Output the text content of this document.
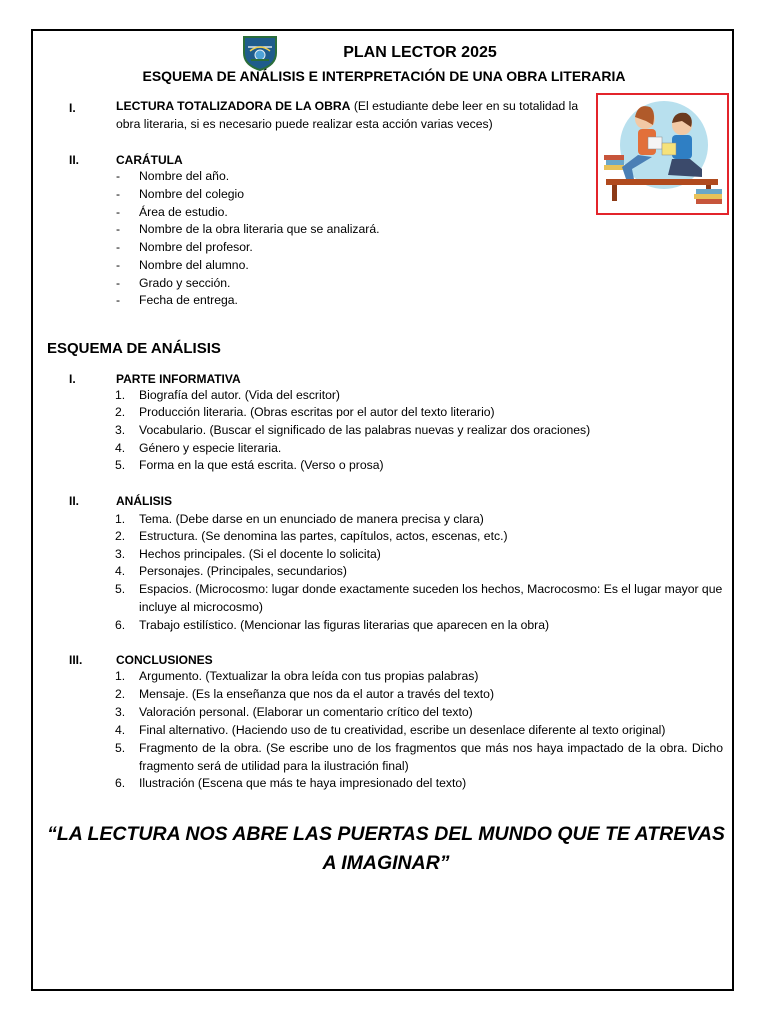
PLAN LECTOR 2025
ESQUEMA DE ANÁLISIS E INTERPRETACIÓN DE UNA OBRA LITERARIA
I.	LECTURA TOTALIZADORA DE LA OBRA (El estudiante debe leer en su totalidad la
obra literaria, si es necesario puede realizar esta acción varias veces)
II.	CARÁTULA
- Nombre del año.
- Nombre del colegio
- Área de estudio.
- Nombre de la obra literaria que se analizará.
- Nombre del profesor.
- Nombre del alumno.
- Grado y sección.
- Fecha de entrega.
ESQUEMA DE ANÁLISIS
I.	PARTE INFORMATIVA
1. Biografía del autor. (Vida del escritor)
2. Producción literaria. (Obras escritas por el autor del texto literario)
3. Vocabulario. (Buscar el significado de las palabras nuevas y realizar dos oraciones)
4. Género y especie literaria.
5. Forma en la que está escrita. (Verso o prosa)
II.	ANÁLISIS
1. Tema. (Debe darse en un enunciado de manera precisa y clara)
2. Estructura. (Se denomina las partes, capítulos, actos, escenas, etc.)
3. Hechos principales. (Si el docente lo solicita)
4. Personajes. (Principales, secundarios)
5.	Espacios. (Microcosmo: lugar donde exactamente suceden los hechos, Macrocosmo: Es el lugar mayor que incluye al microcosmo)
6. Trabajo estilístico. (Mencionar las figuras literarias que aparecen en la obra)
III.	CONCLUSIONES
1. Argumento. (Textualizar la obra leída con tus propias palabras)
2. Mensaje. (Es la enseñanza que nos da el autor a través del texto)
3. Valoración personal. (Elaborar un comentario crítico del texto)
4. Final alternativo. (Haciendo uso de tu creatividad, escribe un desenlace diferente al texto original)
5.	Fragmento de la obra. (Se escribe uno de los fragmentos que más nos haya impactado de la obra. Dicho fragmento será de utilidad para la ilustración final)
6. Ilustración (Escena que más te haya impresionado del texto)
“LA LECTURA NOS ABRE LAS PUERTAS DEL MUNDO QUE TE ATREVAS
A IMAGINAR”
